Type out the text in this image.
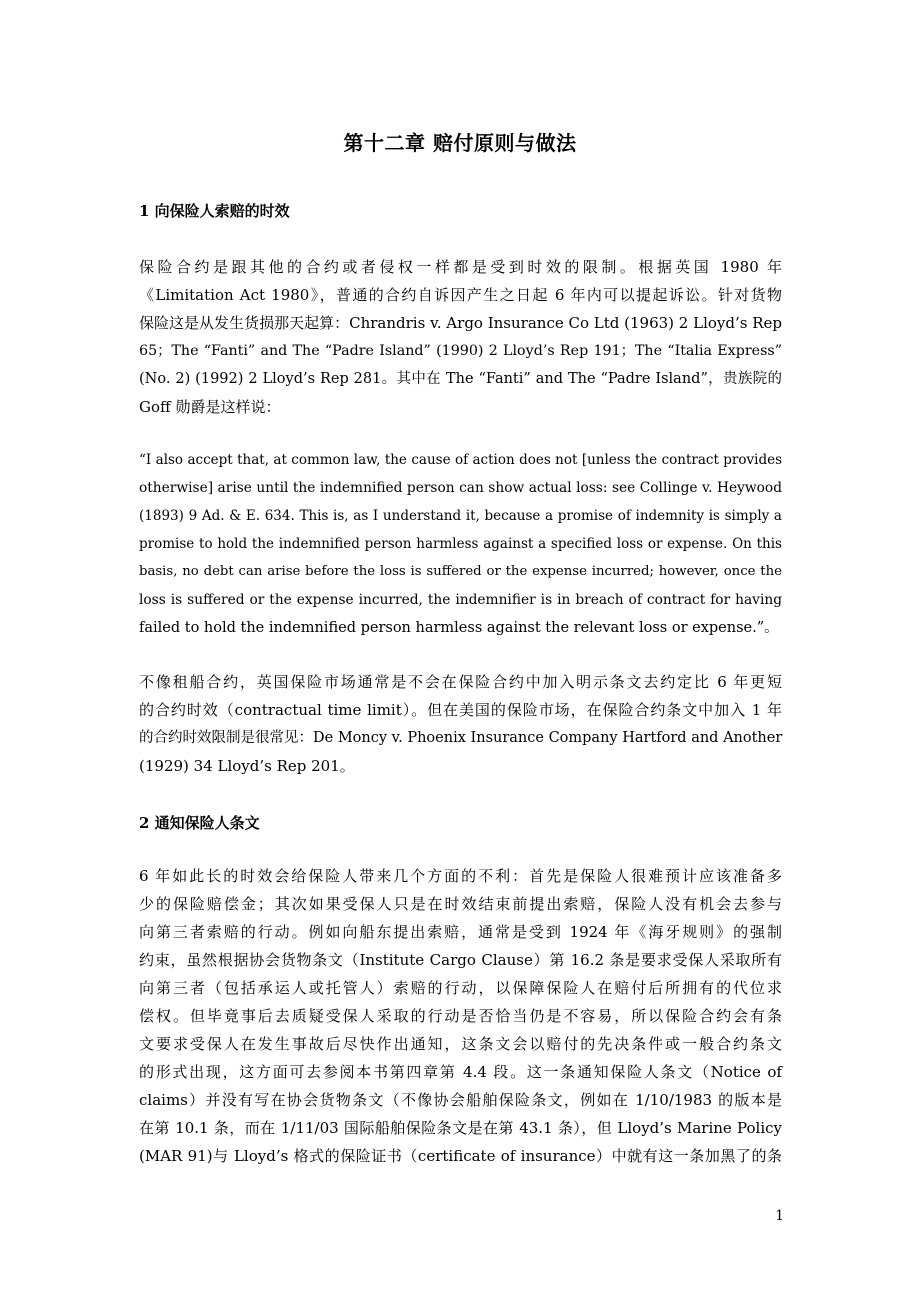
第十二章 赔付原则与做法
1 向保险人索赔的时效
保险合约是跟其他的合约或者侵权一样都是受到时效的限制。根据英国 1980 年
《Limitation Act 1980》，普通的合约自诉因产生之日起 6 年内可以提起诉讼。针对货物
保险这是从发生货损那天起算：Chrandris v. Argo Insurance Co Ltd (1963) 2 Lloyd’s Rep
65；The “Fanti” and The “Padre Island” (1990) 2 Lloyd’s Rep 191；The “Italia Express”
(No. 2) (1992) 2 Lloyd’s Rep 281。其中在 The “Fanti” and The “Padre Island”，贵族院的
Goff 勋爵是这样说：
“I also accept that, at common law, the cause of action does not [unless the contract provides
otherwise] arise until the indemnified person can show actual loss: see Collinge v. Heywood
(1893) 9 Ad. & E. 634. This is, as I understand it, because a promise of indemnity is simply a
promise to hold the indemnified person harmless against a specified loss or expense. On this
basis, no debt can arise before the loss is suffered or the expense incurred; however, once the
loss is suffered or the expense incurred, the indemnifier is in breach of contract for having
failed to hold the indemnified person harmless against the relevant loss or expense.”。
不像租船合约，英国保险市场通常是不会在保险合约中加入明示条文去约定比 6 年更短
的合约时效（contractual time limit）。但在美国的保险市场，在保险合约条文中加入 1 年
的合约时效限制是很常见：De Moncy v. Phoenix Insurance Company Hartford and Another
(1929) 34 Lloyd’s Rep 201。
2 通知保险人条文
6 年如此长的时效会给保险人带来几个方面的不利：首先是保险人很难预计应该准备多
少的保险赔偿金；其次如果受保人只是在时效结束前提出索赔，保险人没有机会去参与
向第三者索赔的行动。例如向船东提出索赔，通常是受到 1924 年《海牙规则》的强制
约束，虽然根据协会货物条文（Institute Cargo Clause）第 16.2 条是要求受保人采取所有
向第三者（包括承运人或托管人）索赔的行动，以保障保险人在赔付后所拥有的代位求
偿权。但毕竟事后去质疑受保人采取的行动是否恰当仍是不容易，所以保险合约会有条
文要求受保人在发生事故后尽快作出通知，这条文会以赔付的先决条件或一般合约条文
的形式出现，这方面可去参阅本书第四章第 4.4 段。这一条通知保险人条文（Notice of
claims）并没有写在协会货物条文（不像协会船舶保险条文，例如在 1/10/1983 的版本是
在第 10.1 条，而在 1/11/03 国际船舶保险条文是在第 43.1 条），但 Lloyd’s Marine Policy
(MAR 91)与 Lloyd’s 格式的保险证书（certificate of insurance）中就有这一条加黑了的条
1
